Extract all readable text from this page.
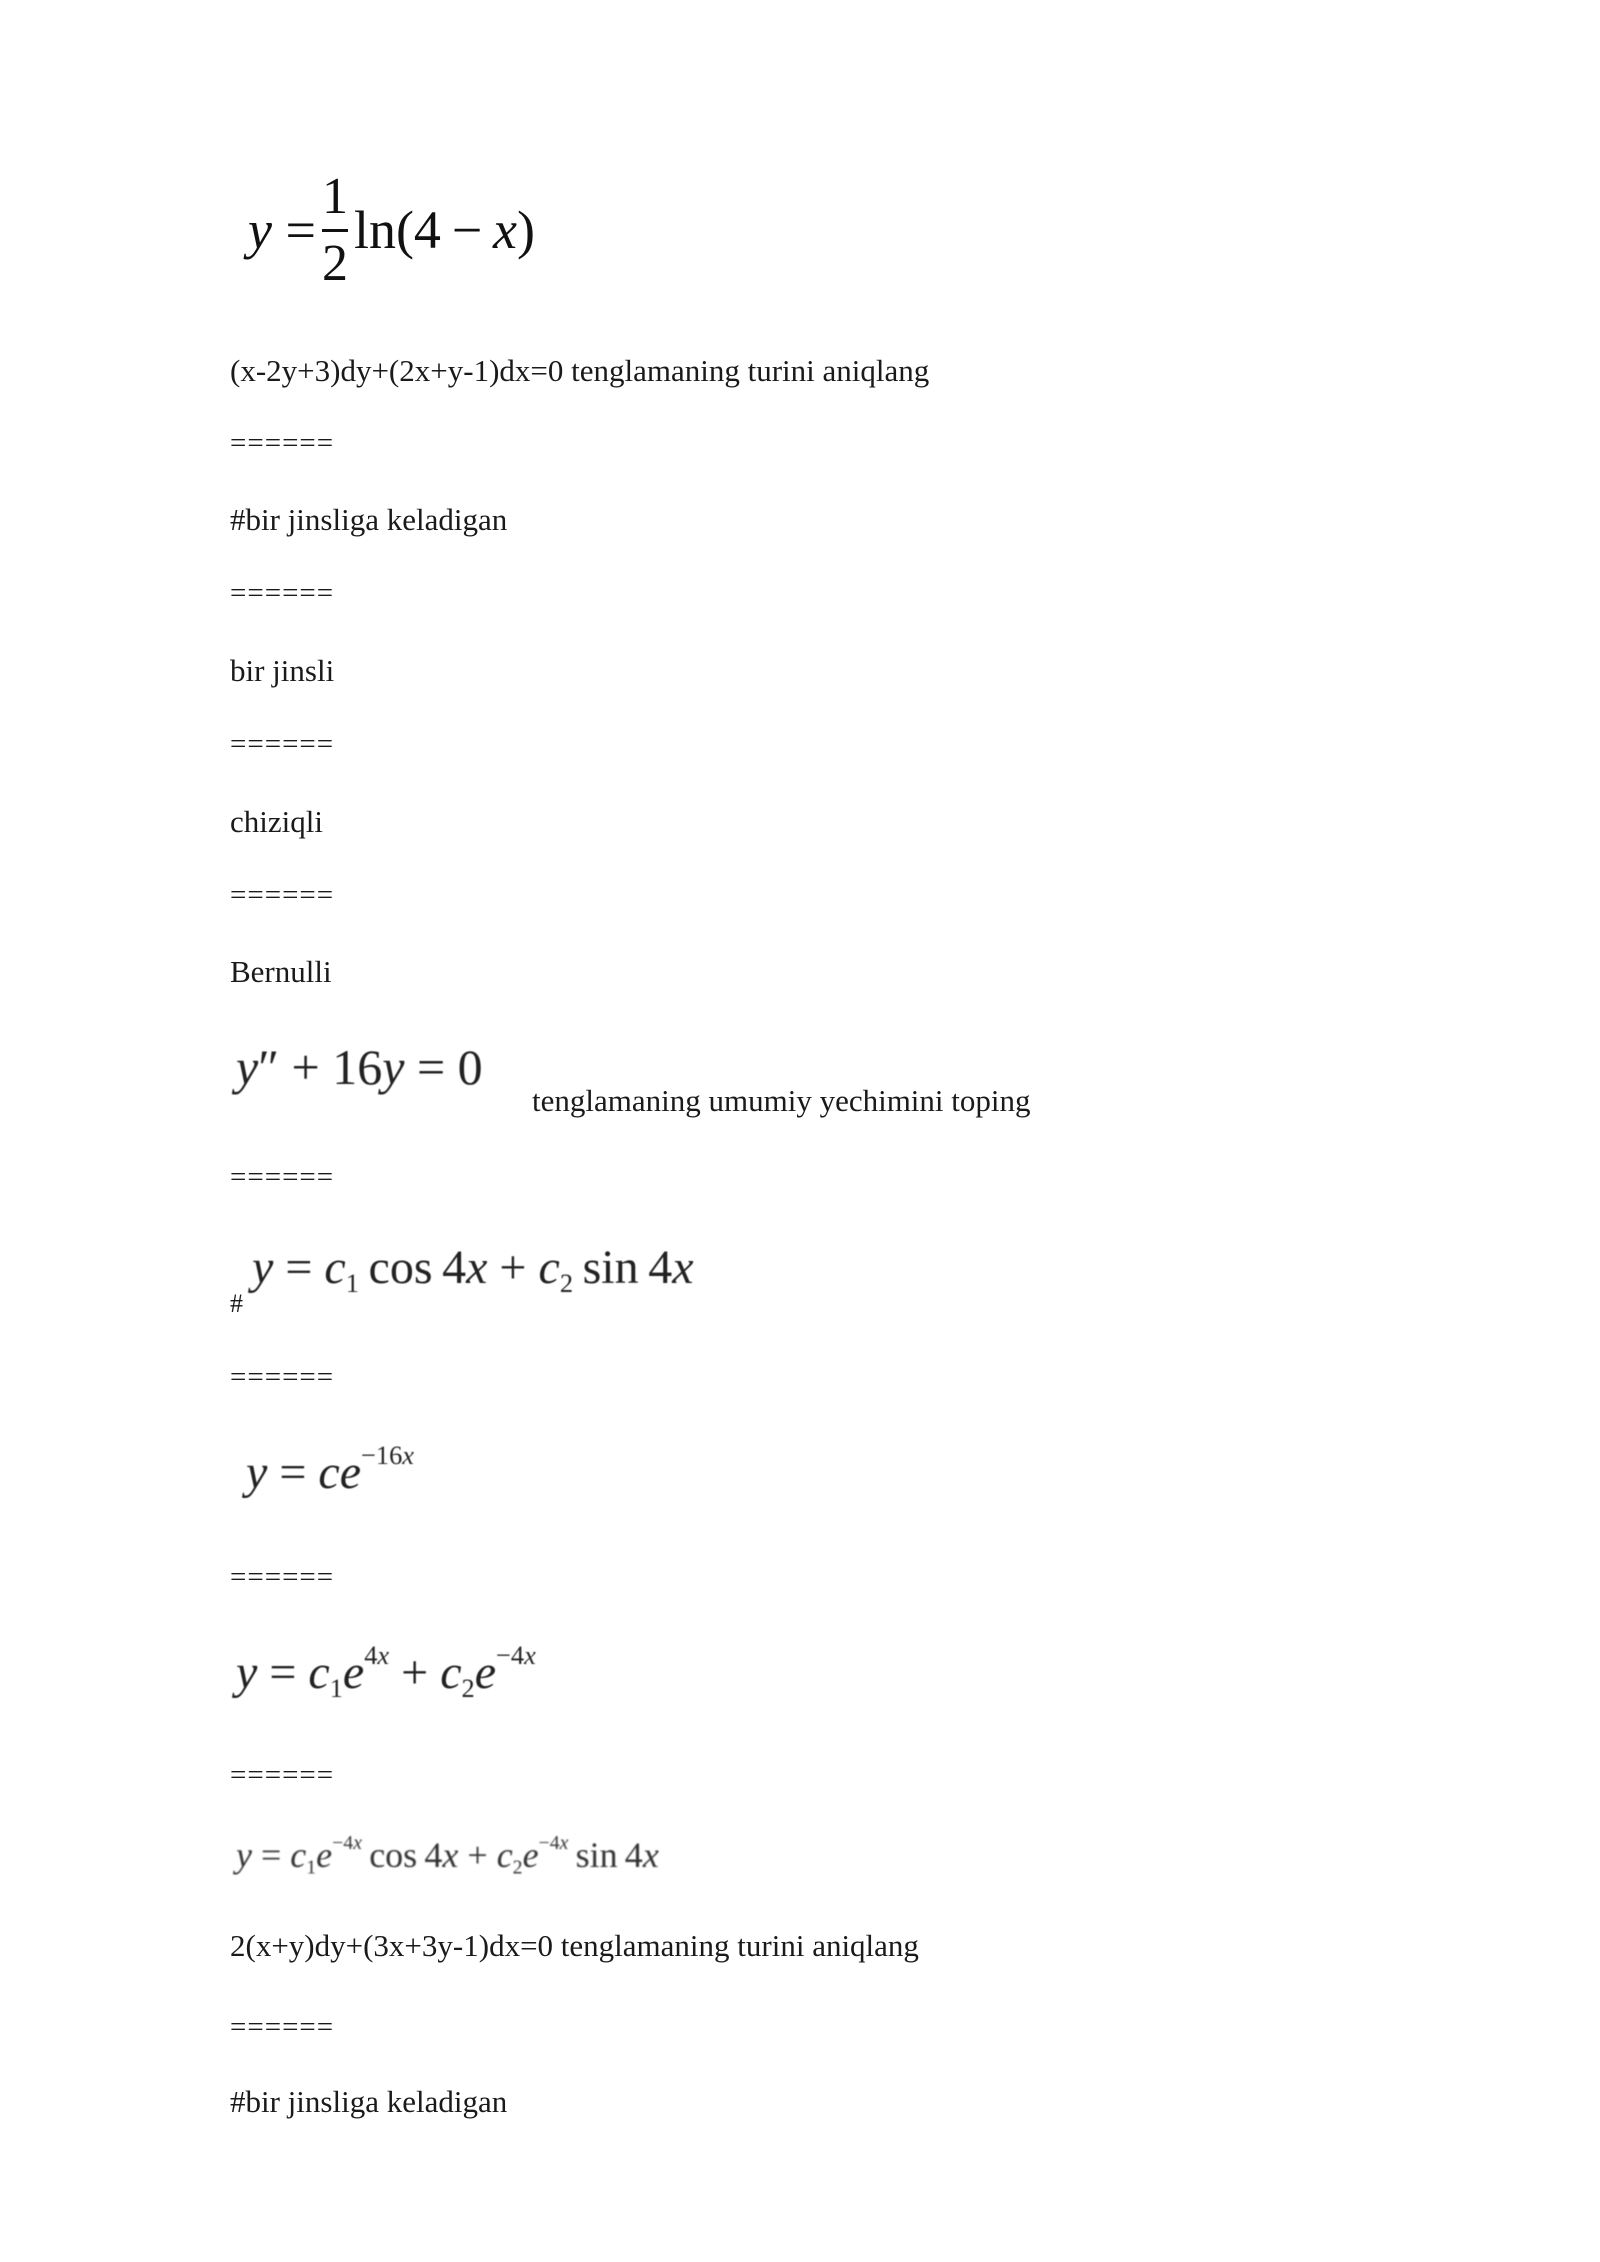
$y = \frac{1}{2} \ln(4 - x)$
(x-2y+3)dy+(2x+y-1)dx=0 tenglamaning turini aniqlang
======
#bir jinsliga keladigan
======
bir jinsli
======
chiziqli
======
Bernulli
y″ + 16y = 0
tenglamaning umumiy yechimini toping
======
#
$y = c_1$ $\cos 4x + c_2$ sin 4x
======
$y = ce^{-16x}$
======
$y = c_1e^{4x} + c_2e^{-4x}$
======
$y = c_1e^{-4x}$ $\cos 4x + c_2e^{-4x}$ sin 4x
2(x+y)dy+(3x+3y-1)dx=0 tenglamaning turini aniqlang
======
#bir jinsliga keladigan
